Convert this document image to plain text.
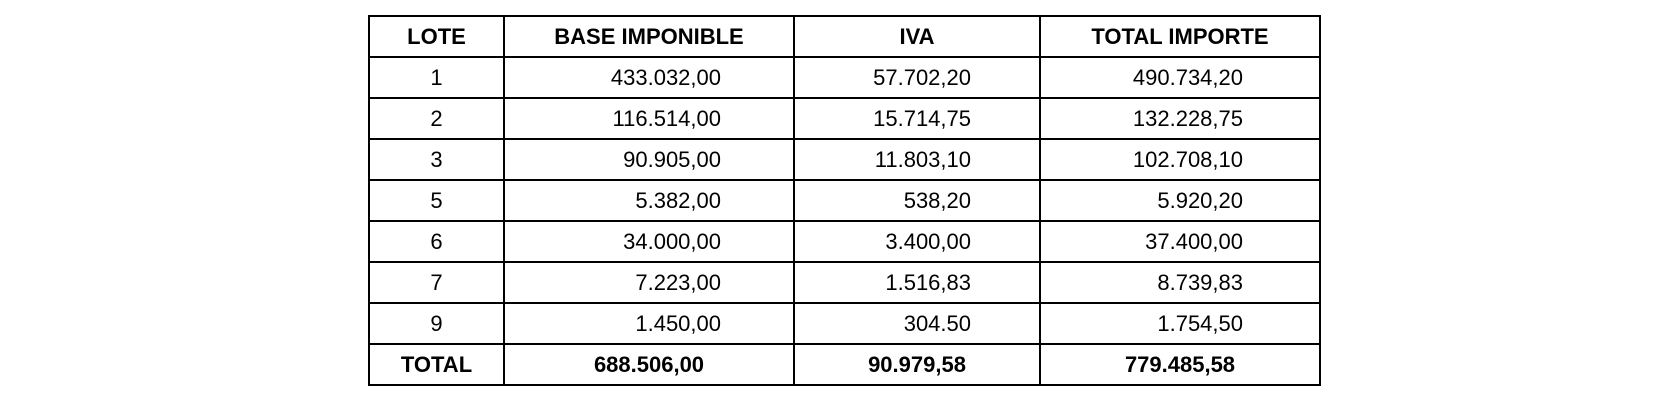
LOTE	BASE IMPONIBLE	IVA	TOTAL IMPORTE
1	433.032,00	57.702,20	490.734,20
2	116.514,00	15.714,75	132.228,75
3	90.905,00	11.803,10	102.708,10
5	5.382,00	538,20	5.920,20
6	34.000,00	3.400,00	37.400,00
7	7.223,00	1.516,83	8.739,83
9	1.450,00	304.50	1.754,50
TOTAL	688.506,00	90.979,58	779.485,58
